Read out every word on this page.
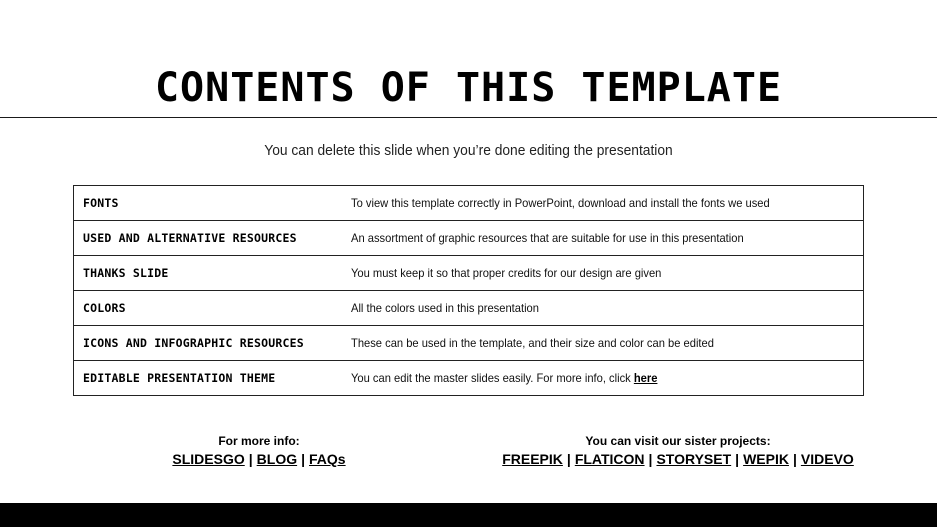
CONTENTS OF THIS TEMPLATE
You can delete this slide when you’re done editing the presentation
FONTS	To view this template correctly in PowerPoint, download and install the fonts we used
USED AND ALTERNATIVE RESOURCES	An assortment of graphic resources that are suitable for use in this presentation
THANKS SLIDE	You must keep it so that proper credits for our design are given
COLORS	All the colors used in this presentation
ICONS AND INFOGRAPHIC RESOURCES	These can be used in the template, and their size and color can be edited
EDITABLE PRESENTATION THEME	You can edit the master slides easily. For more info, click here
For more info:
SLIDESGO | BLOG | FAQs
You can visit our sister projects:
FREEPIK | FLATICON | STORYSET | WEPIK | VIDEVO
